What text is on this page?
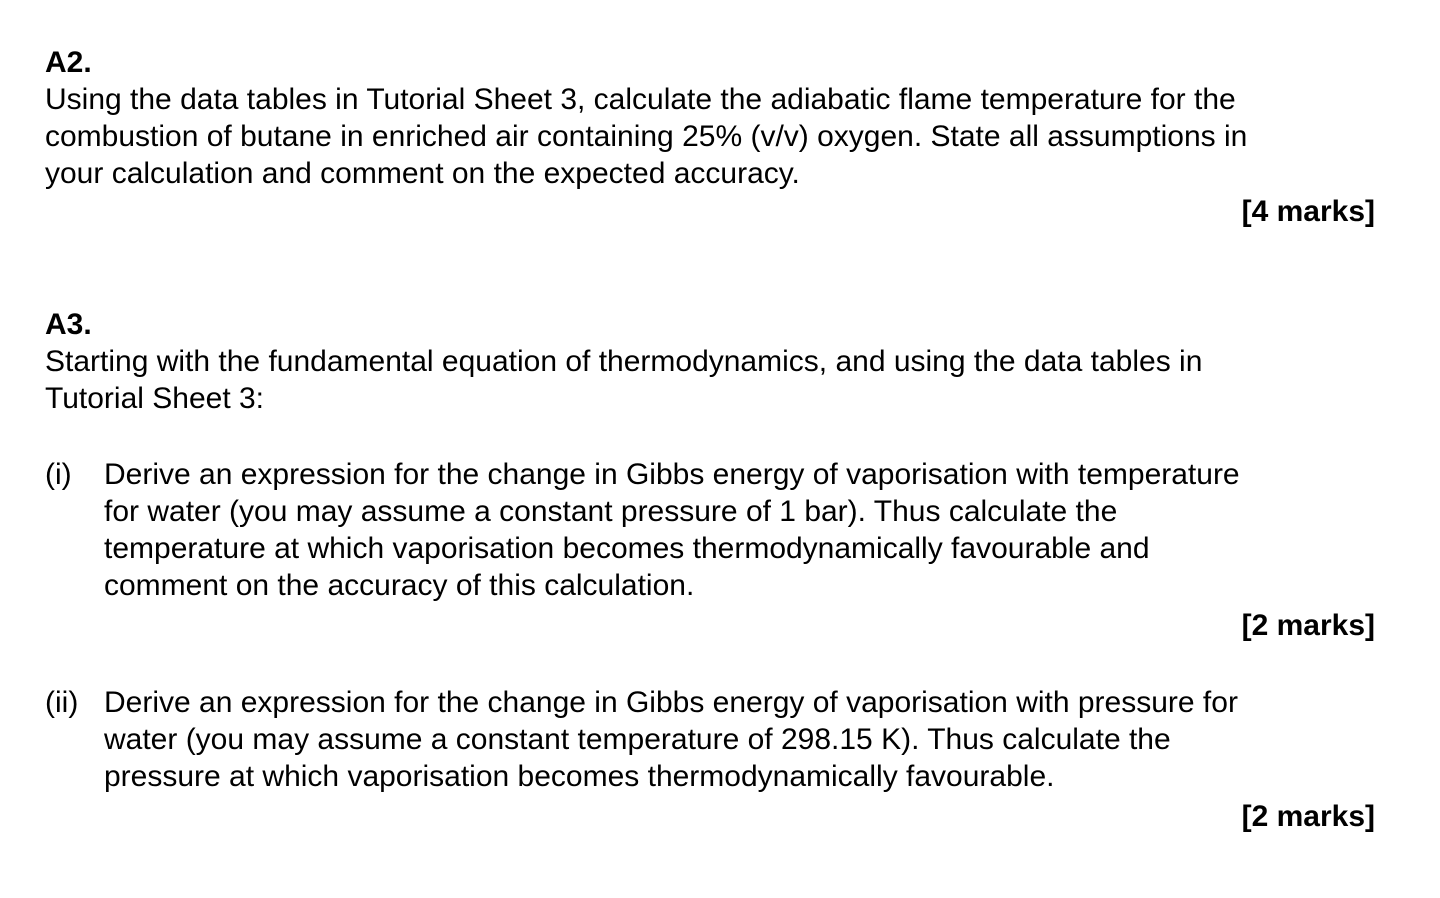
A2.

Using the data tables in Tutorial Sheet 3, calculate the adiabatic flame temperature for the
combustion of butane in enriched air containing 25% (v/v) oxygen. State all assumptions in
your calculation and comment on the expected accuracy.

[4 marks]

A3.

Starting with the fundamental equation of thermodynamics, and using the data tables in
Tutorial Sheet 3:
(i) Derive an expression for the change in Gibbs energy of vaporisation with temperature
for water (you may assume a constant pressure of 1 bar). Thus calculate the
temperature at which vaporisation becomes thermodynamically favourable and
comment on the accuracy of this calculation.

[2 marks]

(ii) Derive an expression for the change in Gibbs energy of vaporisation with pressure for
water (you may assume a constant temperature of 298.15 K). Thus calculate the
pressure at which vaporisation becomes thermodynamically favourable.

[2 marks]
